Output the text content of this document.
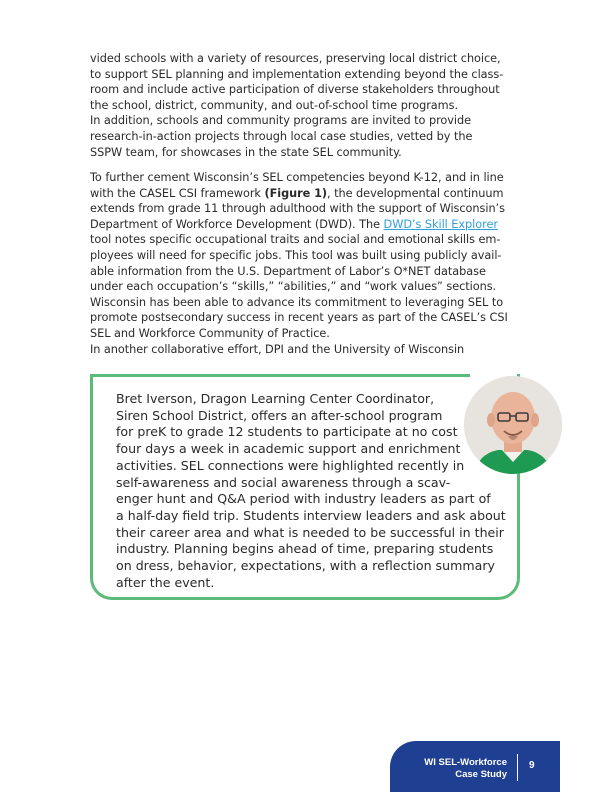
vided schools with a variety of resources, preserving local district choice,
to support SEL planning and implementation extending beyond the class-
room and include active participation of diverse stakeholders throughout
the school, district, community, and out-of-school time programs.

In addition, schools and community programs are invited to provide
research-in-action projects through local case studies, vetted by the
SSPW team, for showcases in the state SEL community.

To further cement Wisconsin’s SEL competencies beyond K-12, and in line
with the CASEL CSI framework (Figure 1), the developmental continuum
extends from grade 11 through adulthood with the support of Wisconsin’s
Department of Workforce Development (DWD). The DWD’s Skill Explorer
tool notes specific occupational traits and social and emotional skills em-
ployees will need for specific jobs. This tool was built using publicly avail-
able information from the U.S. Department of Labor’s O*NET database
under each occupation’s “skills,” “abilities,” and “work values” sections.
Wisconsin has been able to advance its commitment to leveraging SEL to
promote postsecondary success in recent years as part of the CASEL’s CSI
SEL and Workforce Community of Practice.

In another collaborative effort, DPI and the University of Wisconsin

Bret Iverson, Dragon Learning Center Coordinator,
Siren School District, offers an after-school program
for preK to grade 12 students to participate at no cost
four days a week in academic support and enrichment
activities. SEL connections were highlighted recently in
self-awareness and social awareness through a scav-
enger hunt and Q&A period with industry leaders as part of
a half-day field trip. Students interview leaders and ask about
their career area and what is needed to be successful in their
industry. Planning begins ahead of time, preparing students
on dress, behavior, expectations, with a reflection summary
after the event.
WI SEL-Workforce
Case Study
9
